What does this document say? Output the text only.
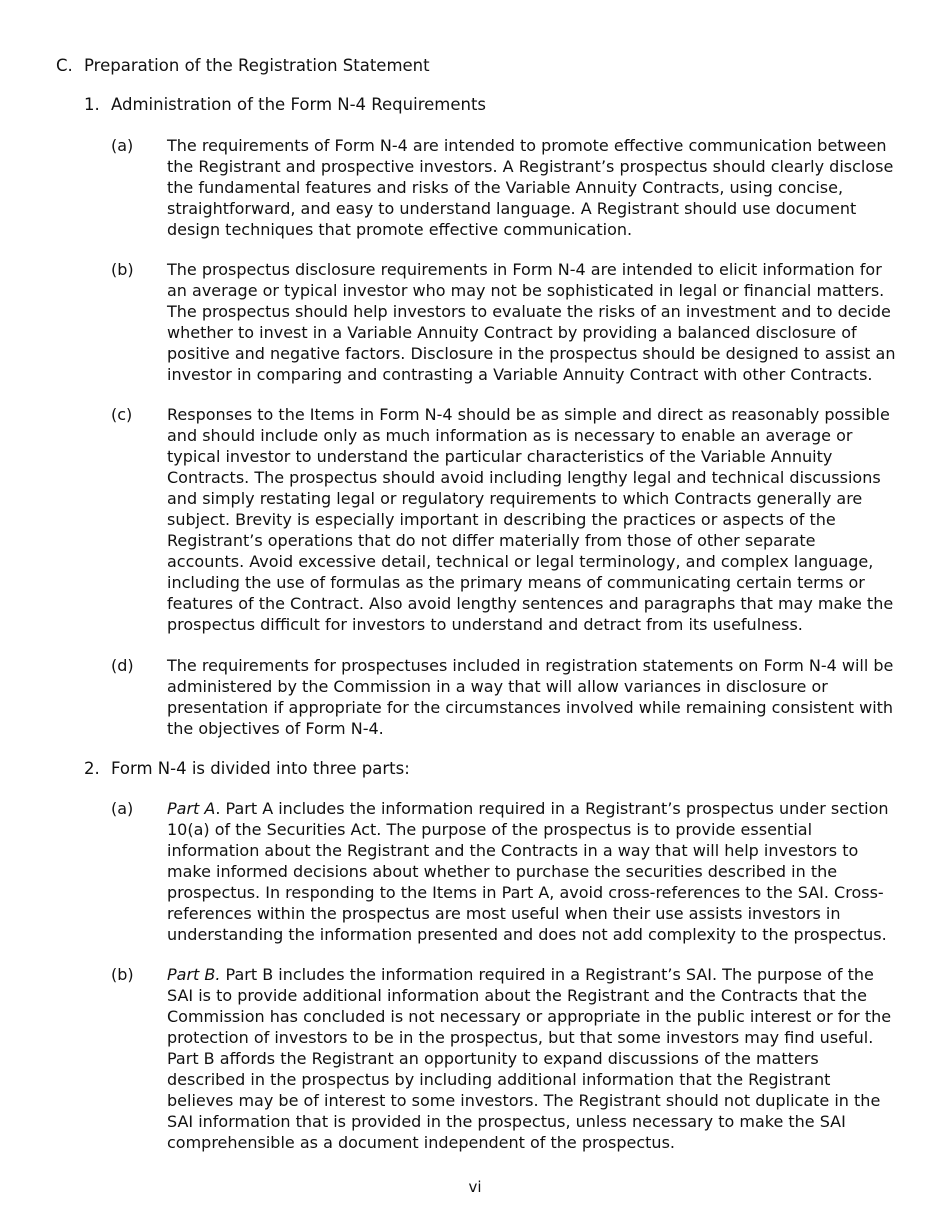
C. Preparation of the Registration Statement
1. Administration of the Form N-4 Requirements
(a)	The requirements of Form N-4 are intended to promote effective communication between the Registrant and prospective investors. A Registrant’s prospectus should clearly disclose the fundamental features and risks of the Variable Annuity Contracts, using concise, straightforward, and easy to understand language. A Registrant should use document design techniques that promote effective communication.
(b)	The prospectus disclosure requirements in Form N-4 are intended to elicit information for an average or typical investor who may not be sophisticated in legal or financial matters. The prospectus should help investors to evaluate the risks of an investment and to decide whether to invest in a Variable Annuity Contract by providing a balanced disclosure of positive and negative factors. Disclosure in the prospectus should be designed to assist an investor in comparing and contrasting a Variable Annuity Contract with other Contracts.
(c)	Responses to the Items in Form N-4 should be as simple and direct as reasonably possible and should include only as much information as is necessary to enable an average or typical investor to understand the particular characteristics of the Variable Annuity Contracts. The prospectus should avoid including lengthy legal and technical discussions and simply restating legal or regulatory requirements to which Contracts generally are subject. Brevity is especially important in describing the practices or aspects of the Registrant’s operations that do not differ materially from those of other separate accounts. Avoid excessive detail, technical or legal terminology, and complex language, including the use of formulas as the primary means of communicating certain terms or features of the Contract. Also avoid lengthy sentences and paragraphs that may make the prospectus difficult for investors to understand and detract from its usefulness.
(d)	The requirements for prospectuses included in registration statements on Form N-4 will be administered by the Commission in a way that will allow variances in disclosure or presentation if appropriate for the circumstances involved while remaining consistent with the objectives of Form N-4.
2. Form N-4 is divided into three parts:
(a)	Part A. Part A includes the information required in a Registrant’s prospectus under section 10(a) of the Securities Act. The purpose of the prospectus is to provide essential information about the Registrant and the Contracts in a way that will help investors to make informed decisions about whether to purchase the securities described in the prospectus. In responding to the Items in Part A, avoid cross-references to the SAI. Cross-references within the prospectus are most useful when their use assists investors in understanding the information presented and does not add complexity to the prospectus.
(b)	Part B. Part B includes the information required in a Registrant’s SAI. The purpose of the SAI is to provide additional information about the Registrant and the Contracts that the Commission has concluded is not necessary or appropriate in the public interest or for the protection of investors to be in the prospectus, but that some investors may find useful. Part B affords the Registrant an opportunity to expand discussions of the matters described in the prospectus by including additional information that the Registrant believes may be of interest to some investors. The Registrant should not duplicate in the SAI information that is provided in the prospectus, unless necessary to make the SAI comprehensible as a document independent of the prospectus.
vi
